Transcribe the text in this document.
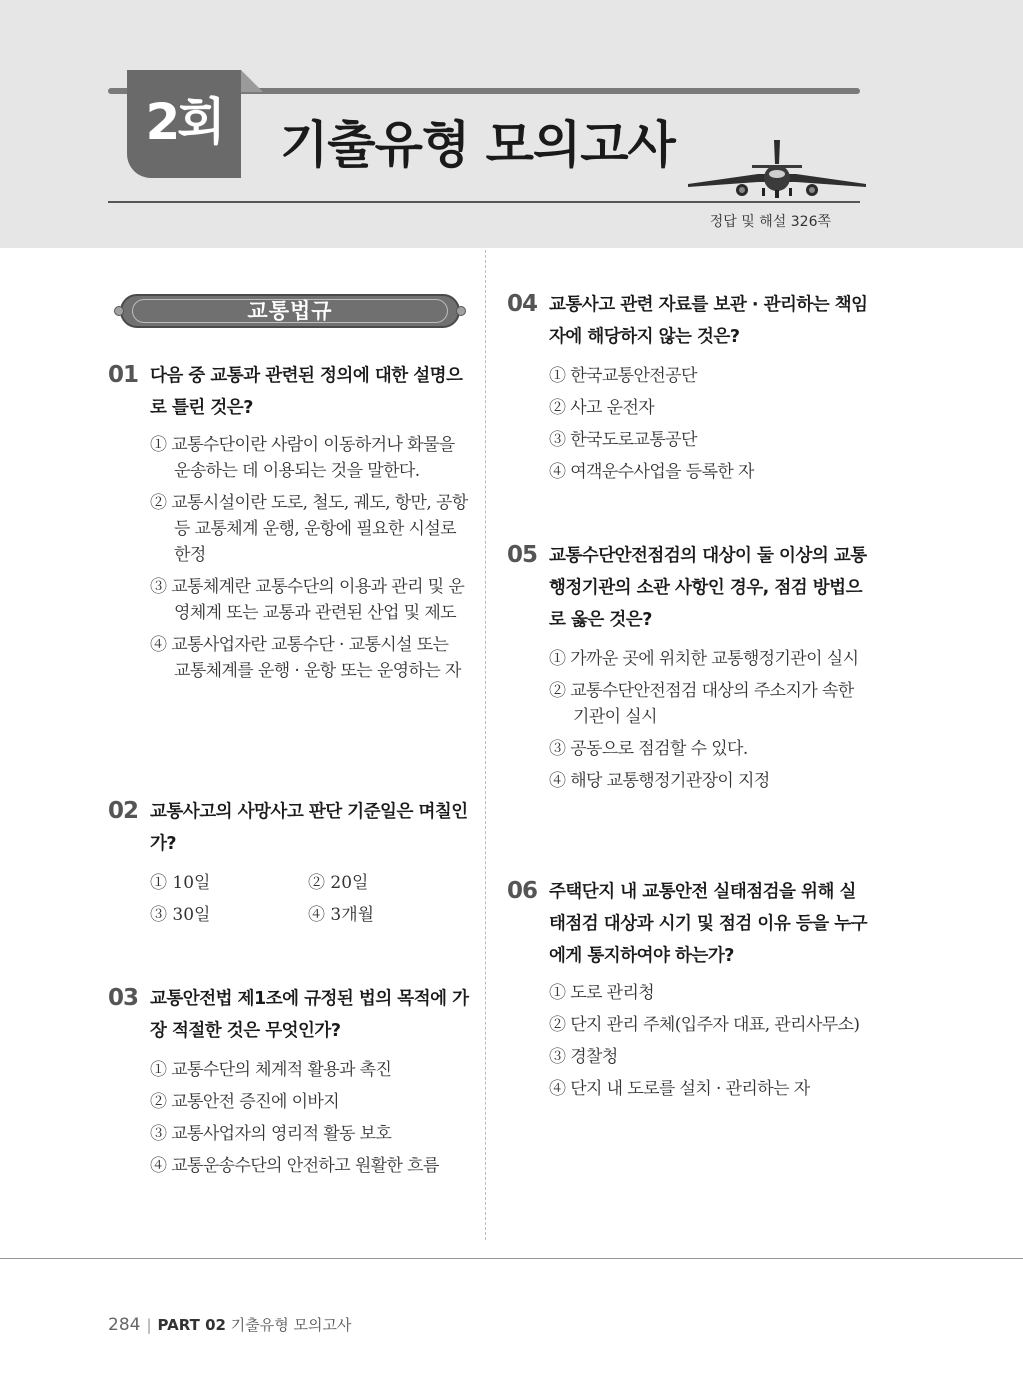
2회	기출유형 모의고사
정답 및 해설 326쪽
교통법규
01 다음 중 교통과 관련된 정의에 대한 설명으
로 틀린 것은?
① 교통수단이란 사람이 이동하거나 화물을 운송하는 데 이용되는 것을 말한다.
② 교통시설이란 도로, 철도, 궤도, 항만, 공항 등 교통체계 운행, 운항에 필요한 시설로 한정
③ 교통체계란 교통수단의 이용과 관리 및 운영체계 또는 교통과 관련된 산업 및 제도
④ 교통사업자란 교통수단 · 교통시설 또는 교통체계를 운행 · 운항 또는 운영하는 자
02 교통사고의 사망사고 판단 기준일은 며칠인
가?
① 10일	② 20일
③ 30일	④ 3개월
03 교통안전법 제1조에 규정된 법의 목적에 가
장 적절한 것은 무엇인가?
① 교통수단의 체계적 활용과 촉진
② 교통안전 증진에 이바지
③ 교통사업자의 영리적 활동 보호
④ 교통운송수단의 안전하고 원활한 흐름
04 교통사고 관련 자료를 보관 · 관리하는 책임
자에 해당하지 않는 것은?
① 한국교통안전공단
② 사고 운전자
③ 한국도로교통공단
④ 여객운수사업을 등록한 자
05 교통수단안전점검의 대상이 둘 이상의 교통
행정기관의 소관 사항인 경우, 점검 방법으
로 옳은 것은?
① 가까운 곳에 위치한 교통행정기관이 실시
② 교통수단안전점검 대상의 주소지가 속한 기관이 실시
③ 공동으로 점검할 수 있다.
④ 해당 교통행정기관장이 지정
06 주택단지 내 교통안전 실태점검을 위해 실
태점검 대상과 시기 및 점검 이유 등을 누구
에게 통지하여야 하는가?
① 도로 관리청
② 단지 관리 주체(입주자 대표, 관리사무소)
③ 경찰청
④ 단지 내 도로를 설치 · 관리하는 자
284 | PART 02 기출유형 모의고사
